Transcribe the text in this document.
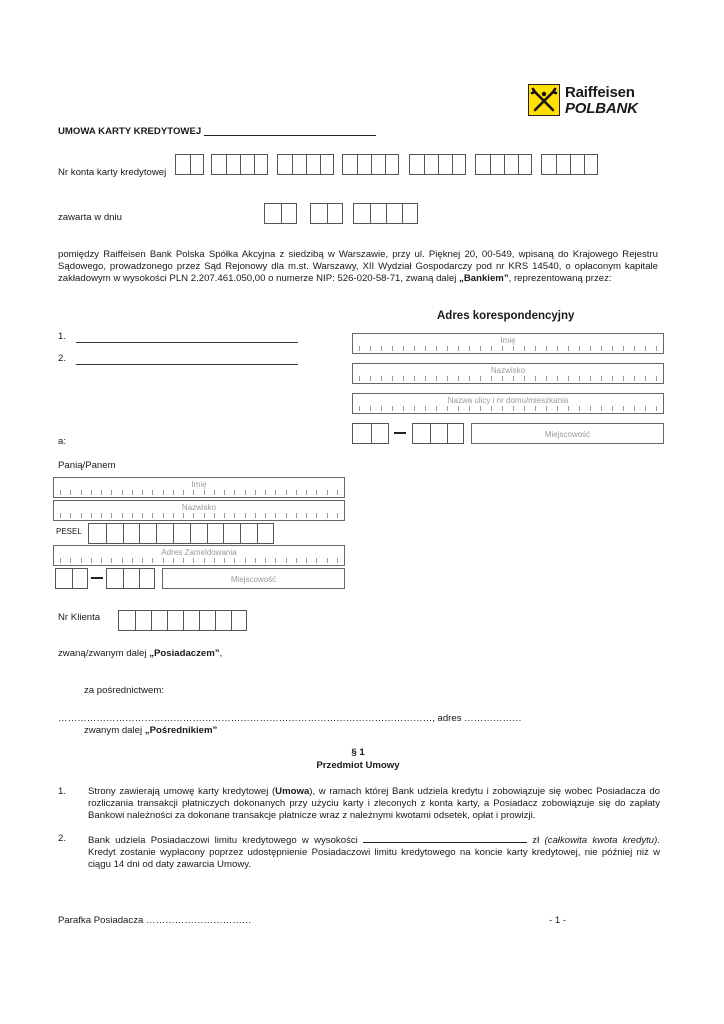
Raiffeisen
POLBANK
UMOWA KARTY KREDYTOWEJ
Nr konta karty kredytowej
zawarta w dniu
pomiędzy Raiffeisen Bank Polska Spółka Akcyjna z siedzibą w Warszawie, przy ul. Pięknej 20, 00-549, wpisaną do Krajowego Rejestru Sądowego, prowadzonego przez Sąd Rejonowy dla m.st. Warszawy, XII Wydział Gospodarczy pod nr KRS 14540, o opłaconym kapitale zakładowym w wysokości PLN 2.207.461.050,00 o numerze NIP: 526-020-58-71, zwaną dalej „Bankiem”, reprezentowaną przez:
1.
2.
Adres korespondencyjny
Imię
Nazwisko
Nazwa ulicy i nr domu/mieszkania
Miejscowość
a:
Panią/Panem
Imię
Nazwisko
PESEL
Adres Zameldowania
Miejscowość
Nr Klienta
zwaną/zwanym dalej „Posiadaczem”,
za pośrednictwem:
………………………………………………………………………………………………………, adres ………………
zwanym dalej „Pośrednikiem”
§ 1
Przedmiot Umowy
1. Strony zawierają umowę karty kredytowej (Umowa), w ramach której Bank udziela kredytu i zobowiązuje się wobec Posiadacza do rozliczania transakcji płatniczych dokonanych przy użyciu karty i zleconych z konta karty, a Posiadacz zobowiązuje się do zapłaty Bankowi należności za dokonane transakcje płatnicze wraz z należnymi kwotami odsetek, opłat i prowizji.
2. Bank udziela Posiadaczowi limitu kredytowego w wysokości	zł (całkowita kwota kredytu). Kredyt zostanie wypłacony poprzez udostępnienie Posiadaczowi limitu kredytowego na koncie karty kredytowej, nie później niż w ciągu 14 dni od daty zawarcia Umowy.
Parafka Posiadacza ……………………………	- 1 -
